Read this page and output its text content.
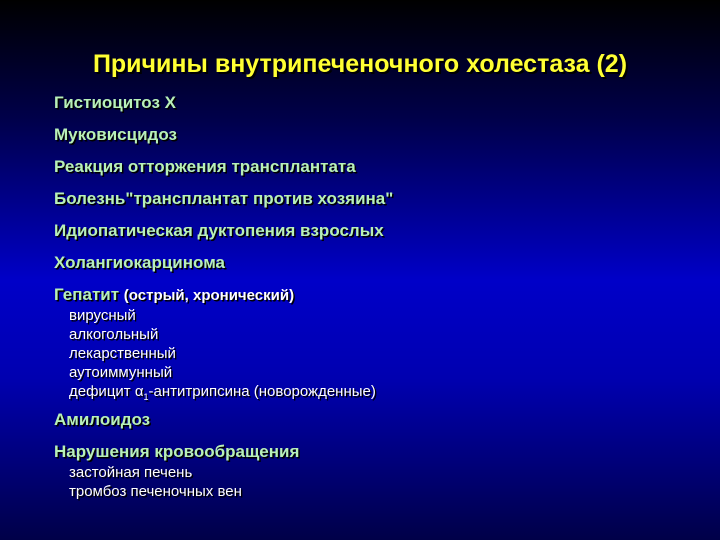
Причины внутрипеченочного холестаза (2)
Гистиоцитоз Х
Муковисцидоз
Реакция отторжения трансплантата
Болезнь"трансплантат против хозяина"
Идиопатическая дуктопения взрослых
Холангиокарцинома
Гепатит (острый, хронический)
вирусный
алкогольный
лекарственный
аутоиммунный
дефицит $\alpha_1$-антитрипсина (новорожденные)
Амилоидоз
Нарушения кровообращения
застойная печень
тромбоз печеночных вен
